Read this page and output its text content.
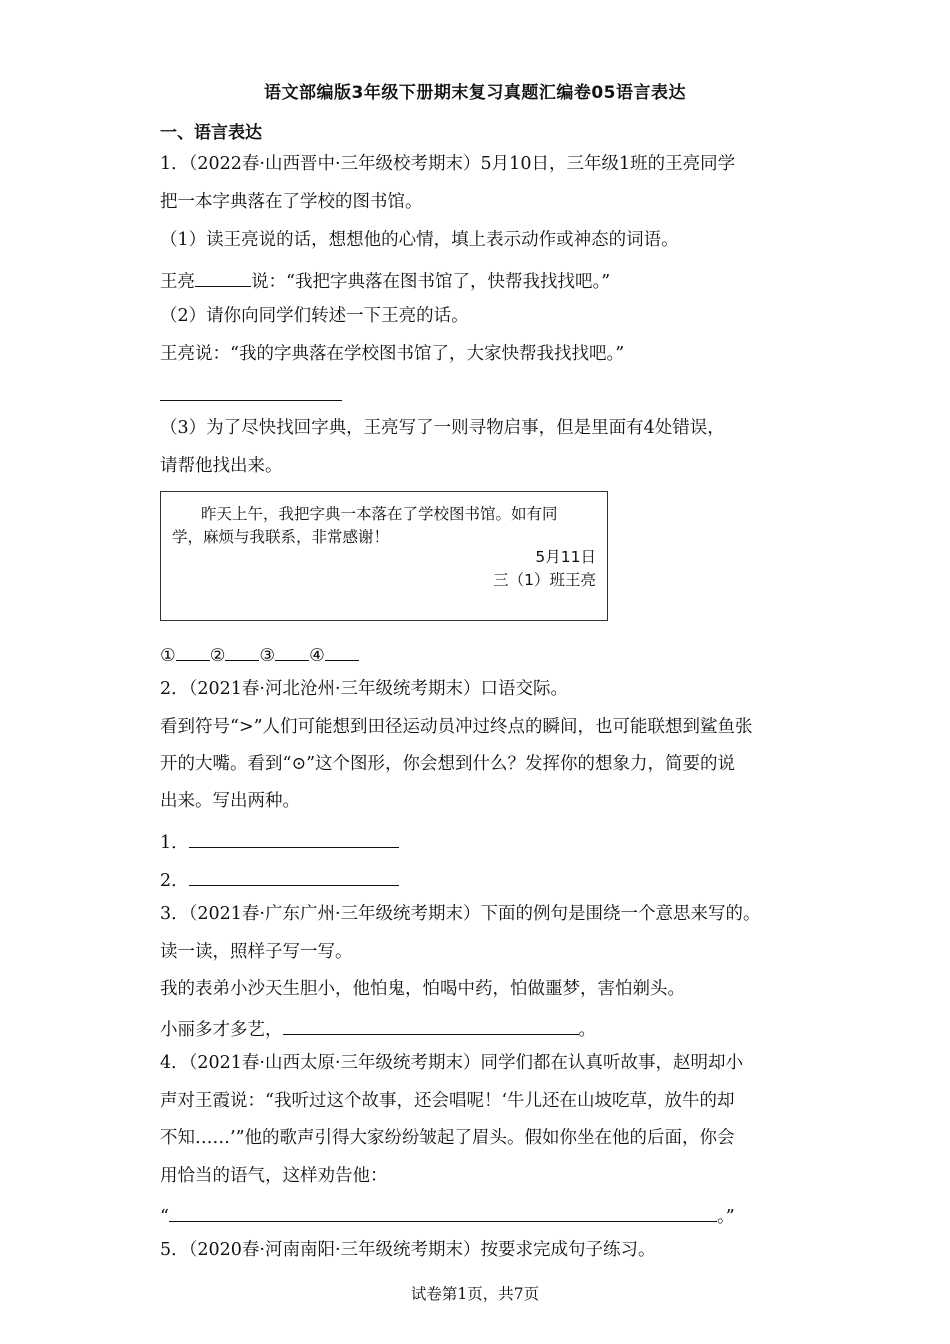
语文部编版3年级下册期末复习真题汇编卷05语言表达
一、语言表达
1．（2022春·山西晋中·三年级校考期末）5月10日，三年级1班的王亮同学
把一本字典落在了学校的图书馆。
（1）读王亮说的话，想想他的心情，填上表示动作或神态的词语。
王亮	说：“我把字典落在图书馆了，快帮我找找吧。”
（2）请你向同学们转述一下王亮的话。
王亮说：“我的字典落在学校图书馆了，大家快帮我找找吧。”
（3）为了尽快找回字典，王亮写了一则寻物启事，但是里面有4处错误，
请帮他找出来。
昨天上午，我把字典一本落在了学校图书馆。如有同
学，麻烦与我联系，非常感谢！
5月11日
三（1）班王亮
① ② ③ ④
2．（2021春·河北沧州·三年级统考期末）口语交际。
看到符号“>”人们可能想到田径运动员冲过终点的瞬间，也可能联想到鲨鱼张
开的大嘴。看到“⊙”这个图形，你会想到什么？发挥你的想象力，简要的说
出来。写出两种。
1．
2．
3．（2021春·广东广州·三年级统考期末）下面的例句是围绕一个意思来写的。
读一读，照样子写一写。
我的表弟小沙天生胆小，他怕鬼，怕喝中药，怕做噩梦，害怕剃头。
小丽多才多艺，	。
4．（2021春·山西太原·三年级统考期末）同学们都在认真听故事，赵明却小
声对王霞说：“我听过这个故事，还会唱呢！‘牛儿还在山坡吃草，放牛的却
不知……’”他的歌声引得大家纷纷皱起了眉头。假如你坐在他的后面，你会
用恰当的语气，这样劝告他：
“	。”
5．（2020春·河南南阳·三年级统考期末）按要求完成句子练习。
试卷第1页，共7页
